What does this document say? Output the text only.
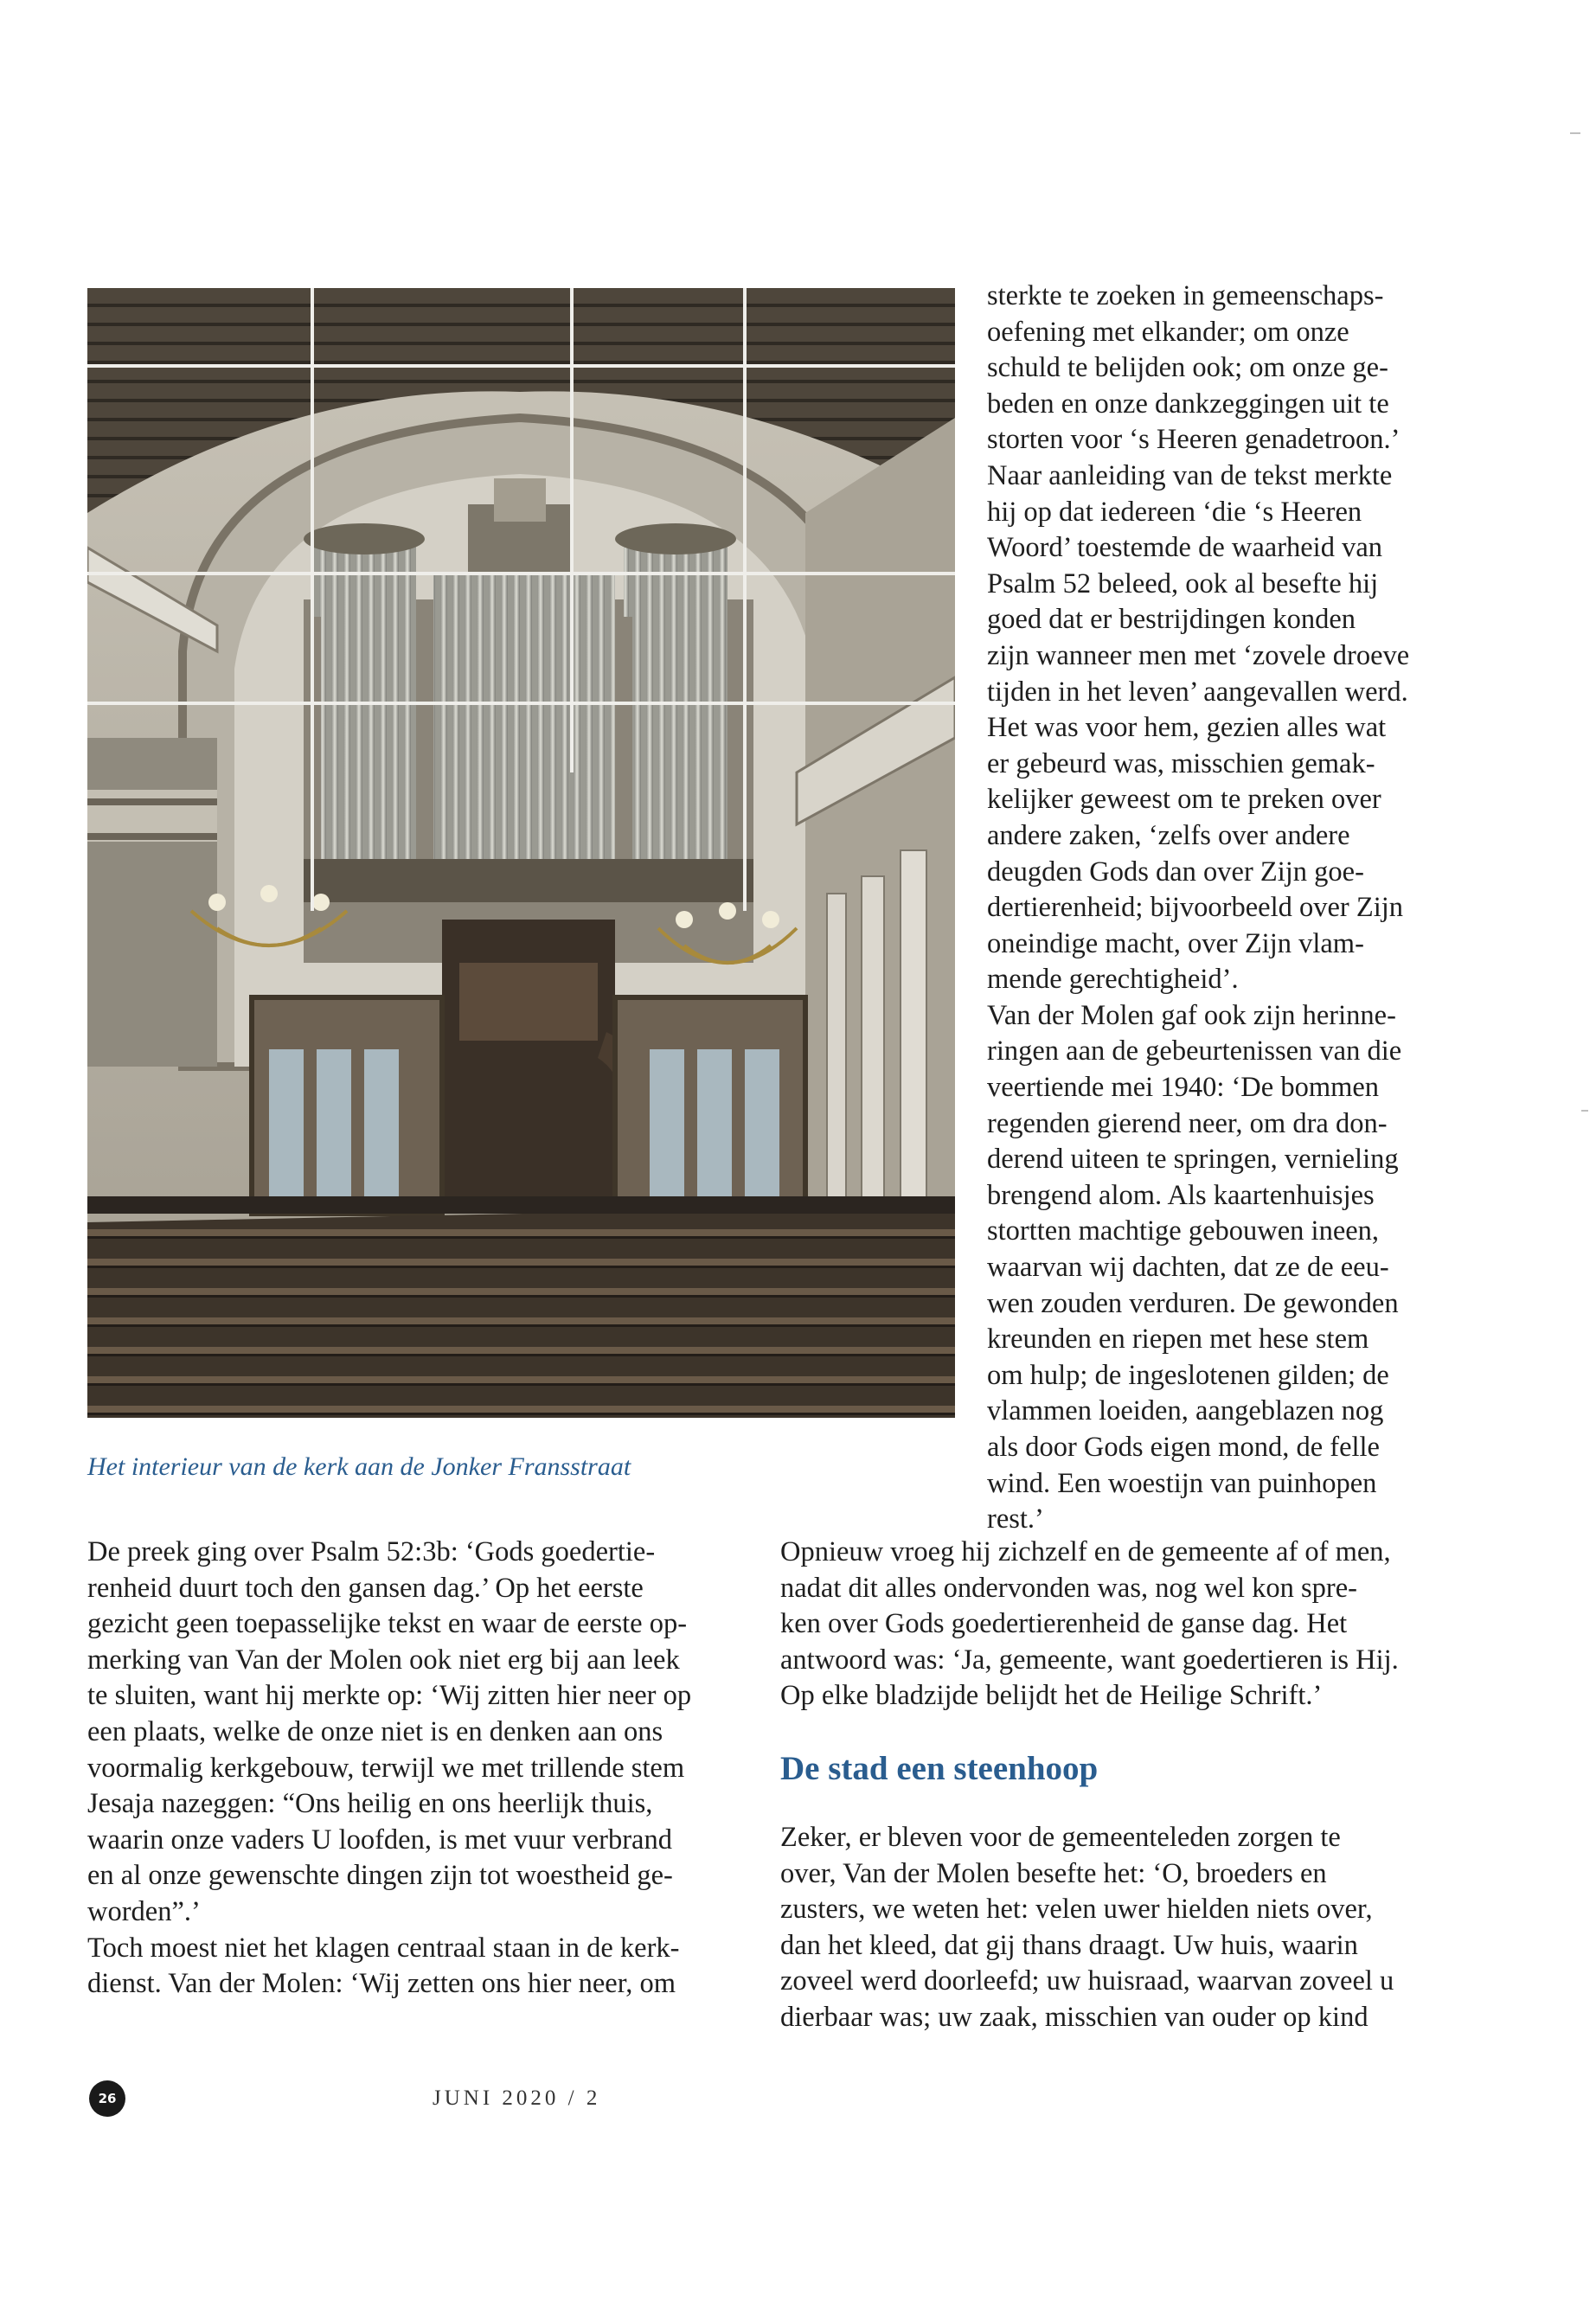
Het interieur van de kerk aan de Jonker Fransstraat

sterkte te zoeken in gemeenschaps-
oefening met elkander; om onze
schuld te belijden ook; om onze ge-
beden en onze dankzeggingen uit te
storten voor ‘s Heeren genadetroon.’
Naar aanleiding van de tekst merkte
hij op dat iedereen ‘die ‘s Heeren
Woord’ toestemde de waarheid van
Psalm 52 beleed, ook al besefte hij
goed dat er bestrijdingen konden
zijn wanneer men met ‘zovele droeve
tijden in het leven’ aangevallen werd.
Het was voor hem, gezien alles wat
er gebeurd was, misschien gemak-
kelijker geweest om te preken over
andere zaken, ‘zelfs over andere
deugden Gods dan over Zijn goe-
dertierenheid; bijvoorbeeld over Zijn
oneindige macht, over Zijn vlam-
mende gerechtigheid’.
Van der Molen gaf ook zijn herinne-
ringen aan de gebeurtenissen van die
veertiende mei 1940: ‘De bommen
regenden gierend neer, om dra don-
derend uiteen te springen, vernieling
brengend alom. Als kaartenhuisjes
stortten machtige gebouwen ineen,
waarvan wij dachten, dat ze de eeu-
wen zouden verduren. De gewonden
kreunden en riepen met hese stem
om hulp; de ingeslotenen gilden; de
vlammen loeiden, aangeblazen nog
als door Gods eigen mond, de felle
wind. Een woestijn van puinhopen
rest.’
De preek ging over Psalm 52:3b: ‘Gods goedertie-
renheid duurt toch den gansen dag.’ Op het eerste
gezicht geen toepasselijke tekst en waar de eerste op-
merking van Van der Molen ook niet erg bij aan leek
te sluiten, want hij merkte op: ‘Wij zitten hier neer op
een plaats, welke de onze niet is en denken aan ons
voormalig kerkgebouw, terwijl we met trillende stem
Jesaja nazeggen: “Ons heilig en ons heerlijk thuis,
waarin onze vaders U loofden, is met vuur verbrand
en al onze gewenschte dingen zijn tot woestheid ge-
worden”.’
Toch moest niet het klagen centraal staan in de kerk-
dienst. Van der Molen: ‘Wij zetten ons hier neer, om
Opnieuw vroeg hij zichzelf en de gemeente af of men,
nadat dit alles ondervonden was, nog wel kon spre-
ken over Gods goedertierenheid de ganse dag. Het
antwoord was: ‘Ja, gemeente, want goedertieren is Hij.
Op elke bladzijde belijdt het de Heilige Schrift.’
De stad een steenhoop
Zeker, er bleven voor de gemeenteleden zorgen te
over, Van der Molen besefte het: ‘O, broeders en
zusters, we weten het: velen uwer hielden niets over,
dan het kleed, dat gij thans draagt. Uw huis, waarin
zoveel werd doorleefd; uw huisraad, waarvan zoveel u
dierbaar was; uw zaak, misschien van ouder op kind
26	JUNI 2020 / 2
